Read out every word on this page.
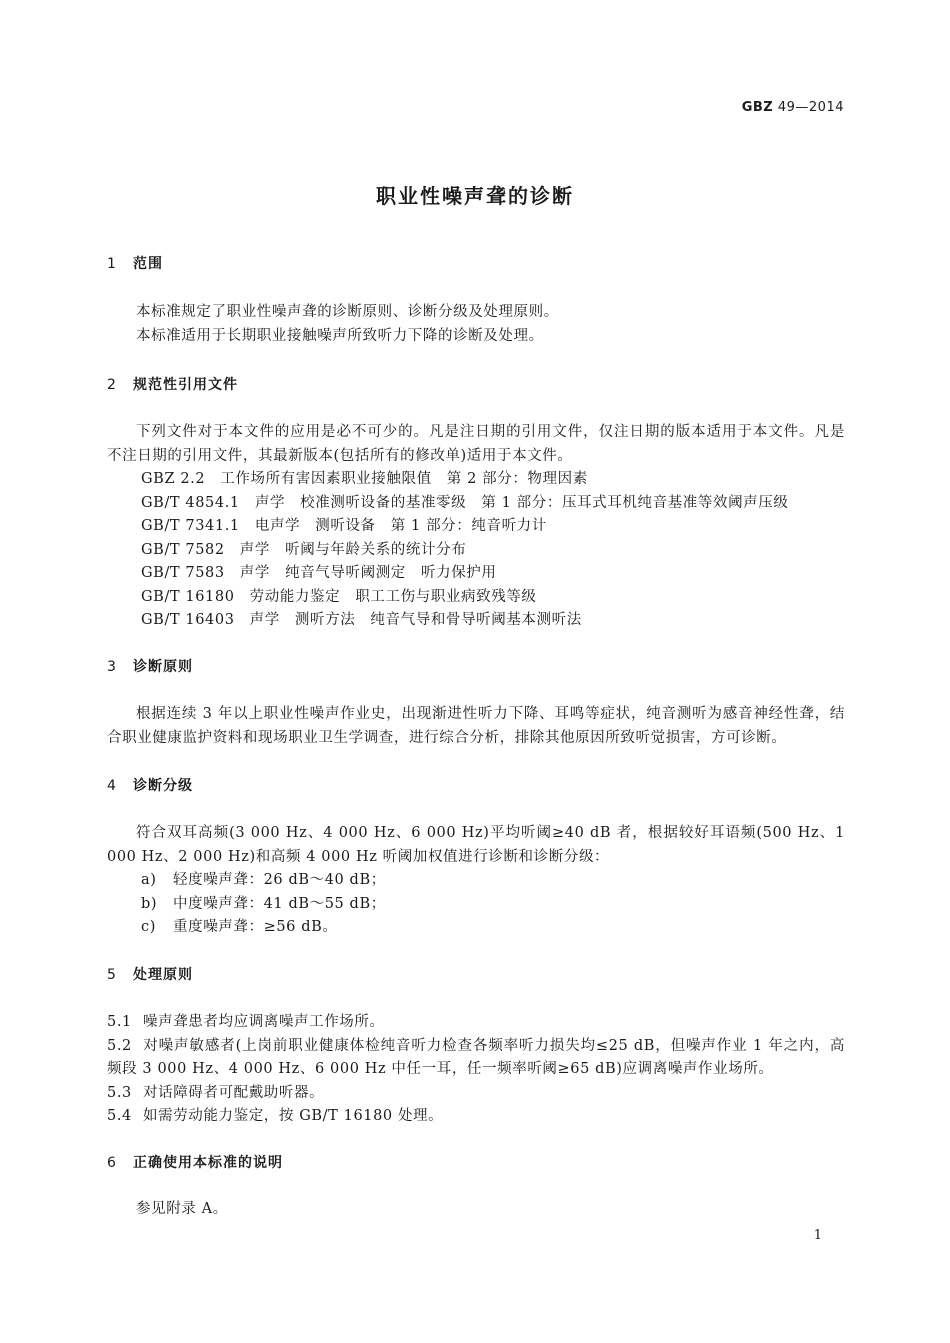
GBZ 49—2014
职业性噪声聋的诊断
1 范围

本标准规定了职业性噪声聋的诊断原则、诊断分级及处理原则。

本标准适用于长期职业接触噪声所致听力下降的诊断及处理。

2 规范性引用文件

下列文件对于本文件的应用是必不可少的。凡是注日期的引用文件，仅注日期的版本适用于本文件。凡是不注日期的引用文件，其最新版本(包括所有的修改单)适用于本文件。

GBZ 2.2　工作场所有害因素职业接触限值　第 2 部分：物理因素

GB/T 4854.1　声学　校准测听设备的基准零级　第 1 部分：压耳式耳机纯音基准等效阈声压级

GB/T 7341.1　电声学　测听设备　第 1 部分：纯音听力计

GB/T 7582　声学　听阈与年龄关系的统计分布

GB/T 7583　声学　纯音气导听阈测定　听力保护用

GB/T 16180　劳动能力鉴定　职工工伤与职业病致残等级

GB/T 16403　声学　测听方法　纯音气导和骨导听阈基本测听法

3 诊断原则

根据连续 3 年以上职业性噪声作业史，出现渐进性听力下降、耳鸣等症状，纯音测听为感音神经性聋，结合职业健康监护资料和现场职业卫生学调查，进行综合分析，排除其他原因所致听觉损害，方可诊断。

4 诊断分级

符合双耳高频(3 000 Hz、4 000 Hz、6 000 Hz)平均听阈≥40 dB 者，根据较好耳语频(500 Hz、1 000 Hz、2 000 Hz)和高频 4 000 Hz 听阈加权值进行诊断和诊断分级：

a) 轻度噪声聋：26 dB～40 dB；

b) 中度噪声聋：41 dB～55 dB；

c) 重度噪声聋：≥56 dB。

5 处理原则

5.1 噪声聋患者均应调离噪声工作场所。

5.2 对噪声敏感者(上岗前职业健康体检纯音听力检查各频率听力损失均≤25 dB，但噪声作业 1 年之内，高频段 3 000 Hz、4 000 Hz、6 000 Hz 中任一耳，任一频率听阈≥65 dB)应调离噪声作业场所。

5.3 对话障碍者可配戴助听器。

5.4 如需劳动能力鉴定，按 GB/T 16180 处理。

6 正确使用本标准的说明

参见附录 A。

1
